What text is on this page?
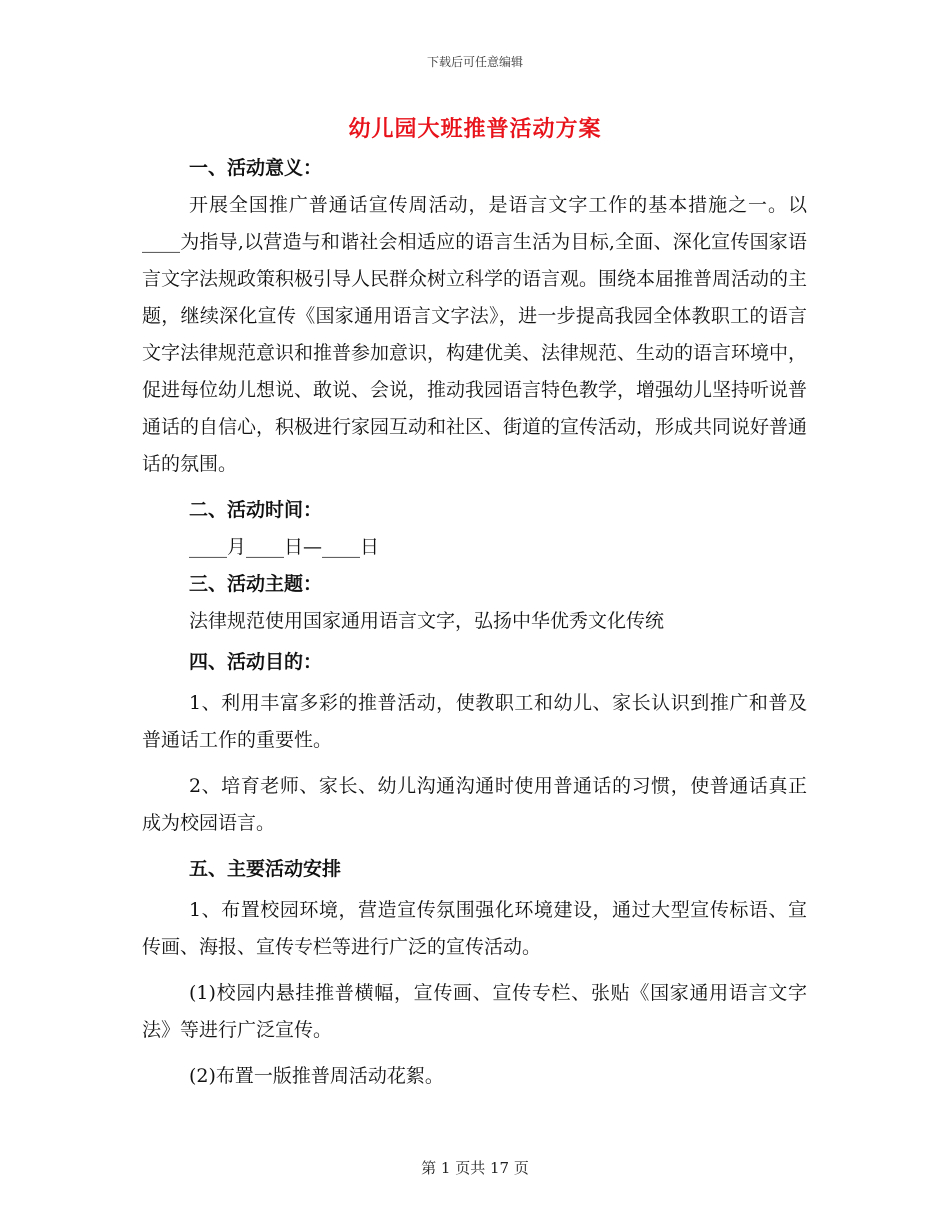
下载后可任意编辑
幼儿园大班推普活动方案

一、活动意义：

开展全国推广普通话宣传周活动，是语言文字工作的基本措施之一。以____为指导,以营造与和谐社会相适应的语言生活为目标,全面、深化宣传国家语言文字法规政策积极引导人民群众树立科学的语言观。围绕本届推普周活动的主题，继续深化宣传《国家通用语言文字法》，进一步提高我园全体教职工的语言文字法律规范意识和推普参加意识，构建优美、法律规范、生动的语言环境中，促进每位幼儿想说、敢说、会说，推动我园语言特色教学，增强幼儿坚持听说普通话的自信心，积极进行家园互动和社区、街道的宣传活动，形成共同说好普通话的氛围。

二、活动时间：

____月____日—____日

三、活动主题：

法律规范使用国家通用语言文字，弘扬中华优秀文化传统

四、活动目的：

1、利用丰富多彩的推普活动，使教职工和幼儿、家长认识到推广和普及普通话工作的重要性。

2、培育老师、家长、幼儿沟通沟通时使用普通话的习惯，使普通话真正成为校园语言。

五、主要活动安排

1、布置校园环境，营造宣传氛围强化环境建设，通过大型宣传标语、宣传画、海报、宣传专栏等进行广泛的宣传活动。

(1)校园内悬挂推普横幅，宣传画、宣传专栏、张贴《国家通用语言文字法》等进行广泛宣传。

(2)布置一版推普周活动花絮。

第 1 页共 17 页
